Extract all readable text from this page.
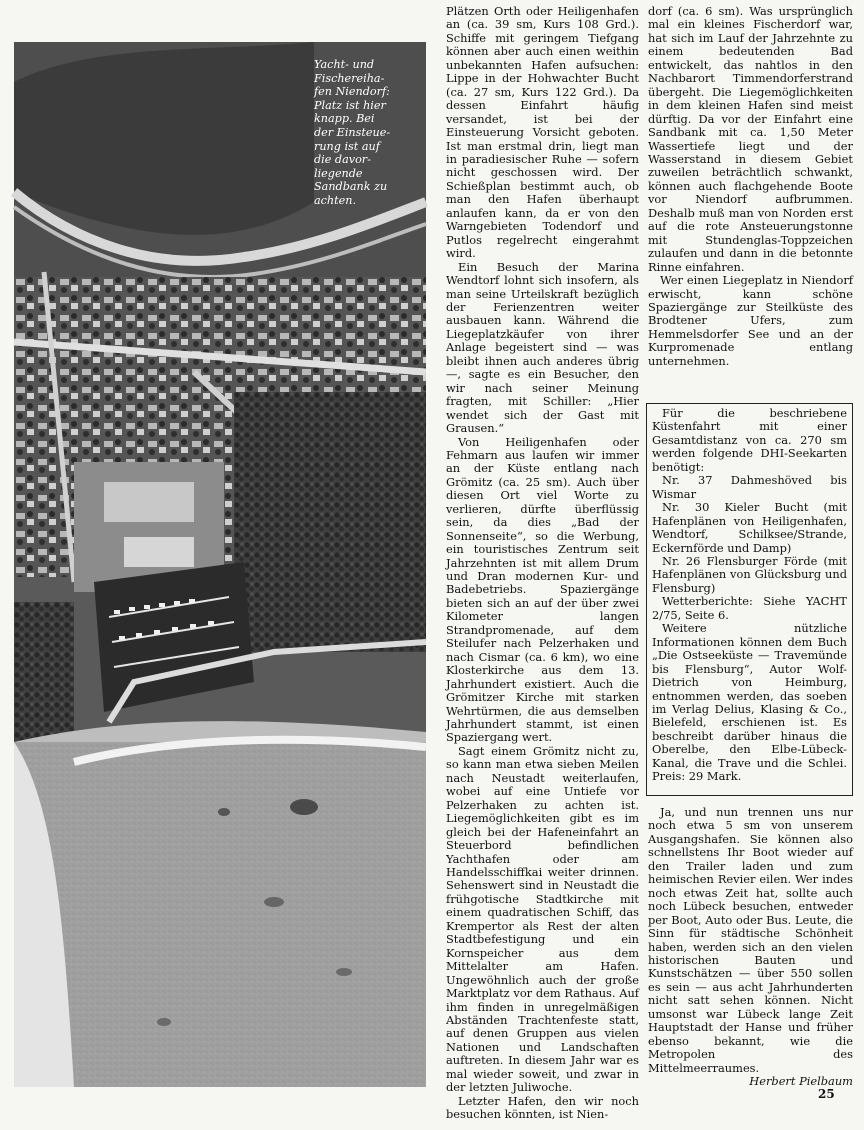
Yacht- und
Fischereiha-
fen Niendorf:
Platz ist hier
knapp. Bei
der Einsteue-
rung ist auf
die davor-
liegende
Sandbank zu
achten.

Plätzen Orth oder Heiligenhafen an (ca. 39 sm, Kurs 108 Grd.). Schiffe mit geringem Tiefgang können aber auch einen weithin unbekannten Hafen aufsuchen: Lippe in der Hohwachter Bucht (ca. 27 sm, Kurs 122 Grd.). Da dessen Einfahrt häufig versandet, ist bei der Einsteuerung Vorsicht geboten. Ist man erstmal drin, liegt man in paradiesischer Ruhe — sofern nicht geschossen wird. Der Schießplan bestimmt auch, ob man den Hafen überhaupt anlaufen kann, da er von den Warngebieten Todendorf und Putlos regelrecht eingerahmt wird.

Ein Besuch der Marina Wendtorf lohnt sich insofern, als man seine Urteilskraft bezüglich der Ferienzentren weiter ausbauen kann. Während die Liegeplatzkäufer von ihrer Anlage begeistert sind — was bleibt ihnen auch anderes übrig —, sagte es ein Besucher, den wir nach seiner Meinung fragten, mit Schiller: „Hier wendet sich der Gast mit Grausen.“

Von Heiligenhafen oder Fehmarn aus laufen wir immer an der Küste entlang nach Grömitz (ca. 25 sm). Auch über diesen Ort viel Worte zu verlieren, dürfte überflüssig sein, da dies „Bad der Sonnenseite“, so die Werbung, ein touristisches Zentrum seit Jahrzehnten ist mit allem Drum und Dran modernen Kur- und Badebetriebs. Spaziergänge bieten sich an auf der über zwei Kilometer langen Strandpromenade, auf dem Steilufer nach Pelzerhaken und nach Cismar (ca. 6 km), wo eine Klosterkirche aus dem 13. Jahrhundert existiert. Auch die Grömitzer Kirche mit starken Wehrtürmen, die aus demselben Jahrhundert stammt, ist einen Spaziergang wert.

Sagt einem Grömitz nicht zu, so kann man etwa sieben Meilen nach Neustadt weiterlaufen, wobei auf eine Untiefe vor Pelzerhaken zu achten ist. Liegemöglichkeiten gibt es im gleich bei der Hafeneinfahrt an Steuerbord befindlichen Yachthafen oder am Handelsschiffkai weiter drinnen. Sehenswert sind in Neustadt die frühgotische Stadtkirche mit einem quadratischen Schiff, das Krempertor als Rest der alten Stadtbefestigung und ein Kornspeicher aus dem Mittelalter am Hafen. Ungewöhnlich auch der große Marktplatz vor dem Rathaus. Auf ihm finden in unregelmäßigen Abständen Trachtenfeste statt, auf denen Gruppen aus vielen Nationen und Landschaften auftreten. In diesem Jahr war es mal wieder soweit, und zwar in der letzten Juliwoche.

Letzter Hafen, den wir noch besuchen könnten, ist Nien-

dorf (ca. 6 sm). Was ursprünglich mal ein kleines Fischerdorf war, hat sich im Lauf der Jahrzehnte zu einem bedeutenden Bad entwickelt, das nahtlos in den Nachbarort Timmendorferstrand übergeht. Die Liegemöglichkeiten in dem kleinen Hafen sind meist dürftig. Da vor der Einfahrt eine Sandbank mit ca. 1,50 Meter Wassertiefe liegt und der Wasserstand in diesem Gebiet zuweilen beträchtlich schwankt, können auch flachgehende Boote vor Niendorf aufbrummen. Deshalb muß man von Norden erst auf die rote Ansteuerungstonne mit Stundenglas-Toppzeichen zulaufen und dann in die betonnte Rinne einfahren.

Wer einen Liegeplatz in Niendorf erwischt, kann schöne Spaziergänge zur Steilküste des Brodtener Ufers, zum Hemmelsdorfer See und an der Kurpromenade entlang unternehmen.

Für die beschriebene Küstenfahrt mit einer Gesamtdistanz von ca. 270 sm werden folgende DHI-Seekarten benötigt:

Nr. 37 Dahmeshöved bis Wismar

Nr. 30 Kieler Bucht (mit Hafenplänen von Heiligenhafen, Wendtorf, Schilksee/Strande, Eckernförde und Damp)

Nr. 26 Flensburger Förde (mit Hafenplänen von Glücksburg und Flensburg)

Wetterberichte: Siehe YACHT 2/75, Seite 6.

Weitere nützliche Informationen können dem Buch „Die Ostseeküste — Travemünde bis Flensburg“, Autor Wolf-Dietrich von Heimburg, entnommen werden, das soeben im Verlag Delius, Klasing & Co., Bielefeld, erschienen ist. Es beschreibt darüber hinaus die Oberelbe, den Elbe-Lübeck-Kanal, die Trave und die Schlei. Preis: 29 Mark.

Ja, und nun trennen uns nur noch etwa 5 sm von unserem Ausgangshafen. Sie können also schnellstens Ihr Boot wieder auf den Trailer laden und zum heimischen Revier eilen. Wer indes noch etwas Zeit hat, sollte auch noch Lübeck besuchen, entweder per Boot, Auto oder Bus. Leute, die Sinn für städtische Schönheit haben, werden sich an den vielen historischen Bauten und Kunstschätzen — über 550 sollen es sein — aus acht Jahrhunderten nicht satt sehen können. Nicht umsonst war Lübeck lange Zeit Hauptstadt der Hanse und früher ebenso bekannt, wie die Metropolen des Mittelmeerraumes.

Herbert Pielbaum

25
